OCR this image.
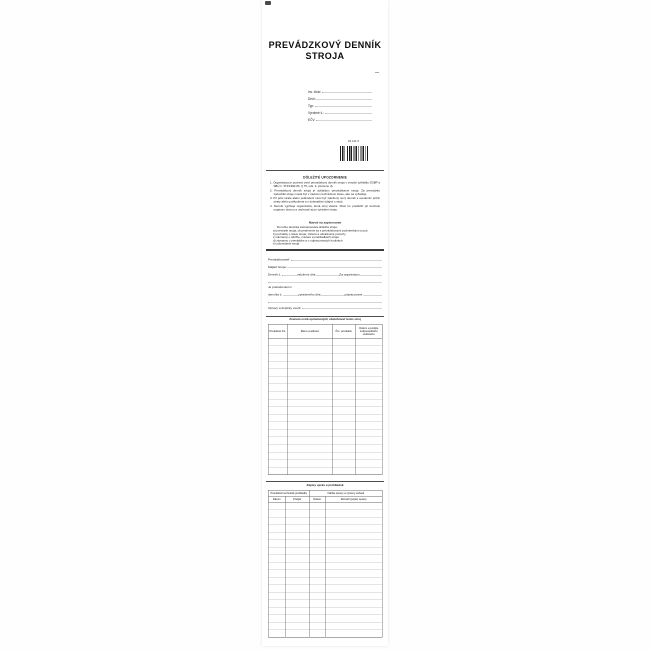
PREVÁDZKOVÝ DENNÍK
STROJA
Inv. číslo:
Druh:
Typ:
Výrobné č.:
EČV:
24 111 0
DÔLEŽITÉ UPOZORNENIE
1. Organizácia je povinná viesť prevádzkový denník stroja v zmysle vyhlášky SÚBP a SBÚ č. 374/1990 Zb. § 75, ods. 2, písmeno d).
2. Prevádzkový denník stroja je dokladom prevádzkarne stroja. Za prevádzku spôsobilé stroje musia byť v riadnom technickom stave, ako sa vyžaduje.
3. Pri jeho strate alebo poškodení musí byť založený nový denník s uvedením príčin straty alebo poškodenia a s doterajšími údajmi o stroji.
4. Denník vyplňuje organizácia, ktorá stroj vlastní. Musí ho predložiť pri kontrole orgánom dozoru a uschovať aj po vyradení stroja.
Návod na zapisovanie
Do tohto denníka zaznamenáva obsluha stroja:
a) prevzatie stroja, oboznámenie sa s prevádzkovými podmienkami a pod.
b) poznatky o stave stroja, zistené a odstránené poruchy
c) záznamy o údržbe, mazaní a prehliadkach stroja
d) záznamy o prevádzke a o odpracovaných hodinách
e) odovzdanie stroja
Prevádzkovateľ:
Majiteľ stroja:
Denník č.	založený dňa	Za organizáciu
Je pokračovaním
denníka č.	vyradeného dňa	odpracované
Opravy a doplnky overil:
Zoznam osôb oprávnených obsluhovať tento stroj
Poradové čís.	Meno a adresa	Čís. preukazu	Dátum a podpis zodpovedného vedúceho

Zápisy opráv a prehliadok
Pravidelné technické prehliadky		Väčšie opravy a výmeny súčastí	
Dátum	Podpis	Dátum	Rozsah (popis) opravy
